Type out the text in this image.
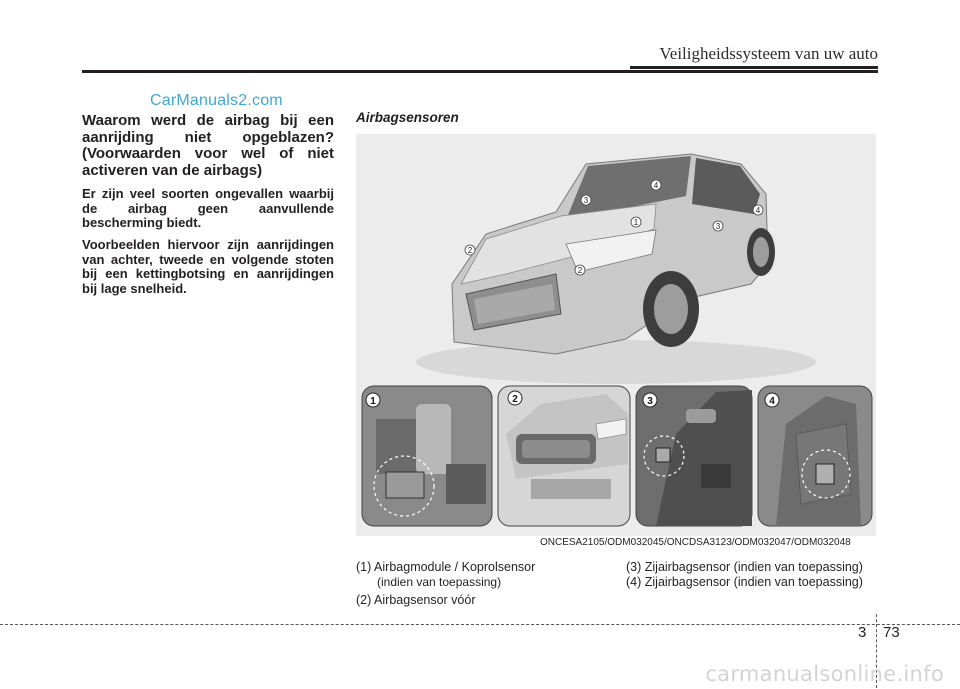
Veiligheidssysteem van uw auto
CarManuals2.com
Waarom werd de airbag bij een aanrijding niet opgeblazen? (Voorwaarden voor wel of niet activeren van de airbags)
Er zijn veel soorten ongevallen waarbij de airbag geen aanvullende bescherming biedt.
Voorbeelden hiervoor zijn aanrijdingen van achter, tweede en volgende stoten bij een kettingbotsing en aanrijdingen bij lage snelheid.
Airbagsensoren
3
4
1	3
4
2
2
1	2	3	4
ONCESA2105/ODM032045/ONCDSA3123/ODM032047/ODM032048
(1) Airbagmodule / Koprolsensor
(indien van toepassing)
(2) Airbagsensor vóór
(3) Zijairbagsensor (indien van toepassing)
(4) Zijairbagsensor (indien van toepassing)
3 73
carmanualsonline.info
